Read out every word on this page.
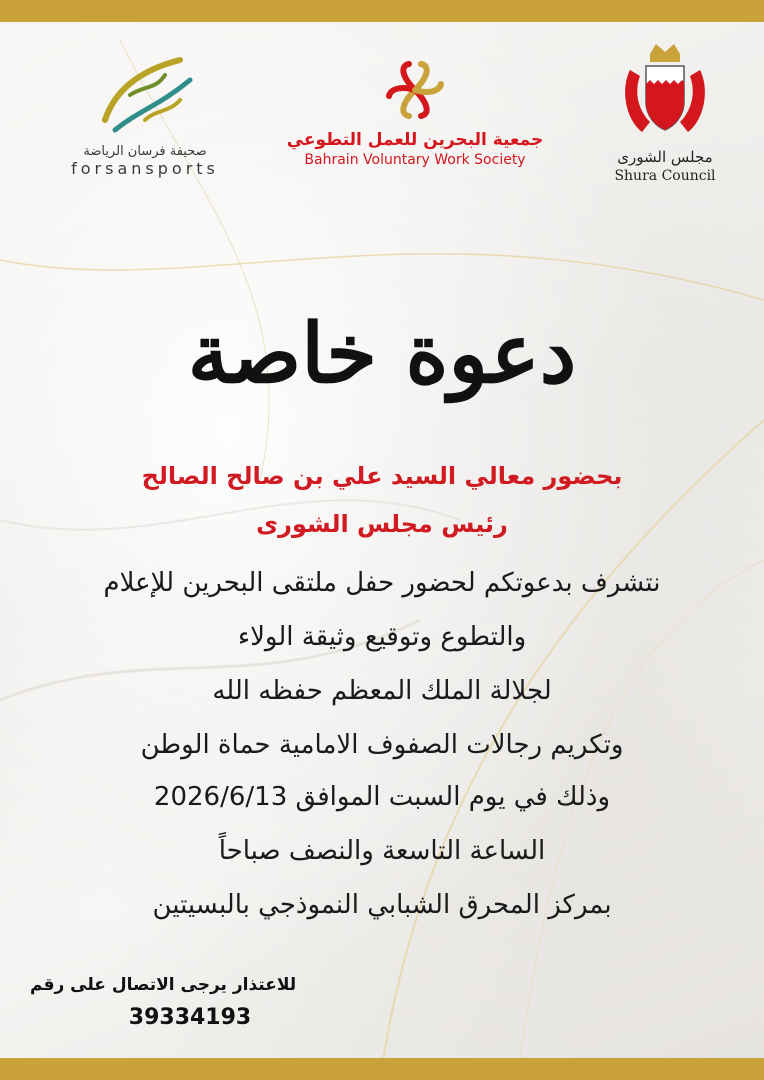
صحيفة فرسان الرياضة
forsansports
جمعية البحرين للعمل التطوعي
Bahrain Voluntary Work Society	مجلس الشورى
Shura Council
دعوة خاصة
بحضور معالي السيد علي بن صالح الصالح
رئيس مجلس الشورى
نتشرف بدعوتكم لحضور حفل ملتقى البحرين للإعلام
والتطوع وتوقيع وثيقة الولاء
لجلالة الملك المعظم حفظه الله
وتكريم رجالات الصفوف الامامية حماة الوطن
وذلك في يوم السبت الموافق 2026/6/13
الساعة التاسعة والنصف صباحاً
بمركز المحرق الشبابي النموذجي بالبسيتين
للاعتذار يرجى الاتصال على رقم
39334193
